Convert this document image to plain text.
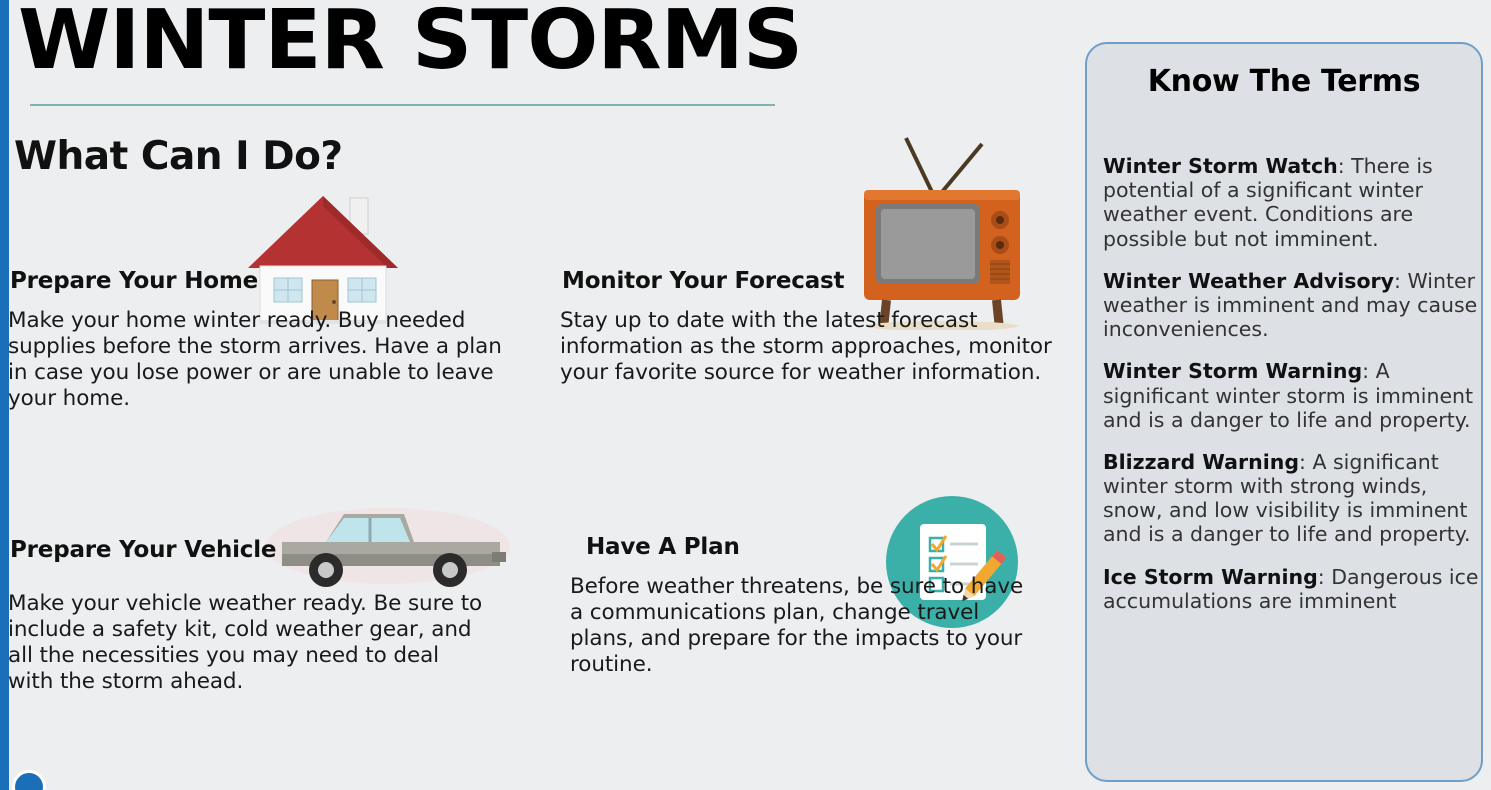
WINTER STORMS
What Can I Do?
Prepare Your Home
Make your home winter ready. Buy needed supplies before the storm arrives. Have a plan in case you lose power or are unable to leave your home.
Monitor Your Forecast
Stay up to date with the latest forecast information as the storm approaches, monitor your favorite source for weather information.
Prepare Your Vehicle
Make your vehicle weather ready. Be sure to include a safety kit, cold weather gear, and all the necessities you may need to deal with the storm ahead.
Have A Plan
Before weather threatens, be sure to have a communications plan, change travel plans, and prepare for the impacts to your routine.
Know The Terms
Winter Storm Watch: There is potential of a significant winter weather event. Conditions are possible but not imminent.
Winter Weather Advisory: Winter weather is imminent and may cause inconveniences.
Winter Storm Warning: A significant winter storm is imminent and is a danger to life and property.
Blizzard Warning: A significant winter storm with strong winds, snow, and low visibility is imminent and is a danger to life and property.
Ice Storm Warning: Dangerous ice accumulations are imminent
